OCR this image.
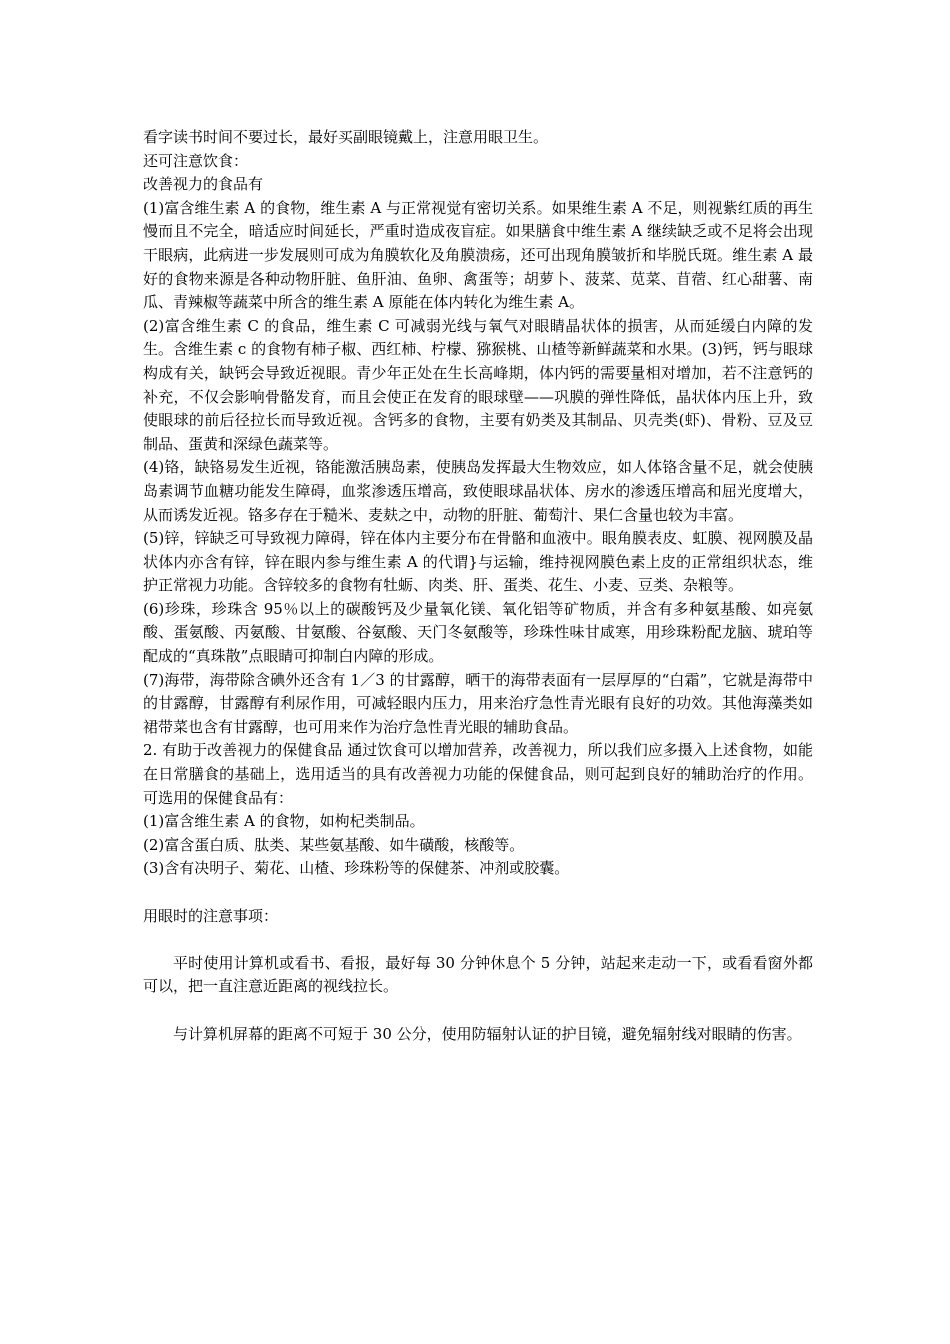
看字读书时间不要过长，最好买副眼镜戴上，注意用眼卫生。

还可注意饮食：

改善视力的食品有

(1)富含维生素 A 的食物，维生素 A 与正常视觉有密切关系。如果维生素 A 不足，则视紫红质的再生慢而且不完全，暗适应时间延长，严重时造成夜盲症。如果膳食中维生素 A 继续缺乏或不足将会出现干眼病，此病进一步发展则可成为角膜软化及角膜溃疡，还可出现角膜皱折和毕脱氏斑。维生素 A 最好的食物来源是各种动物肝脏、鱼肝油、鱼卵、禽蛋等；胡萝卜、菠菜、苋菜、苜蓿、红心甜薯、南瓜、青辣椒等蔬菜中所含的维生素 A 原能在体内转化为维生素 A。

(2)富含维生素 C 的食品，维生素 C 可减弱光线与氧气对眼睛晶状体的损害，从而延缓白内障的发生。含维生素 c 的食物有柿子椒、西红柿、柠檬、猕猴桃、山楂等新鲜蔬菜和水果。(3)钙，钙与眼球构成有关，缺钙会导致近视眼。青少年正处在生长高峰期，体内钙的需要量相对增加，若不注意钙的补充，不仅会影响骨骼发育，而且会使正在发育的眼球壁——巩膜的弹性降低，晶状体内压上升，致使眼球的前后径拉长而导致近视。含钙多的食物，主要有奶类及其制品、贝壳类(虾)、骨粉、豆及豆制品、蛋黄和深绿色蔬菜等。

(4)铬，缺铬易发生近视，铬能激活胰岛素，使胰岛发挥最大生物效应，如人体铬含量不足，就会使胰岛素调节血糖功能发生障碍，血浆渗透压增高，致使眼球晶状体、房水的渗透压增高和屈光度增大，从而诱发近视。铬多存在于糙米、麦麸之中，动物的肝脏、葡萄汁、果仁含量也较为丰富。

(5)锌，锌缺乏可导致视力障碍，锌在体内主要分布在骨骼和血液中。眼角膜表皮、虹膜、视网膜及晶状体内亦含有锌，锌在眼内参与维生素 A 的代谓}与运输，维持视网膜色素上皮的正常组织状态，维护正常视力功能。含锌较多的食物有牡蛎、肉类、肝、蛋类、花生、小麦、豆类、杂粮等。

(6)珍珠，珍珠含 95％以上的碳酸钙及少量氧化镁、氧化铝等矿物质，并含有多种氨基酸、如亮氨酸、蛋氨酸、丙氨酸、甘氨酸、谷氨酸、天门冬氨酸等，珍珠性味甘咸寒，用珍珠粉配龙脑、琥珀等配成的“真珠散”点眼睛可抑制白内障的形成。

(7)海带，海带除含碘外还含有 1／3 的甘露醇，晒干的海带表面有一层厚厚的“白霜”，它就是海带中的甘露醇，甘露醇有利尿作用，可减轻眼内压力，用来治疗急性青光眼有良好的功效。其他海藻类如裙带菜也含有甘露醇，也可用来作为治疗急性青光眼的辅助食品。

2. 有助于改善视力的保健食品 通过饮食可以增加营养，改善视力，所以我们应多摄入上述食物，如能在日常膳食的基础上，选用适当的具有改善视力功能的保健食品，则可起到良好的辅助治疗的作用。可选用的保健食品有：

(1)富含维生素 A 的食物，如枸杞类制品。

(2)富含蛋白质、肽类、某些氨基酸、如牛磺酸，核酸等。

(3)含有决明子、菊花、山楂、珍珠粉等的保健茶、冲剂或胶囊。

用眼时的注意事项：

平时使用计算机或看书、看报，最好每 30 分钟休息个 5 分钟，站起来走动一下，或看看窗外都可以，把一直注意近距离的视线拉长。

与计算机屏幕的距离不可短于 30 公分，使用防辐射认证的护目镜，避免辐射线对眼睛的伤害。
